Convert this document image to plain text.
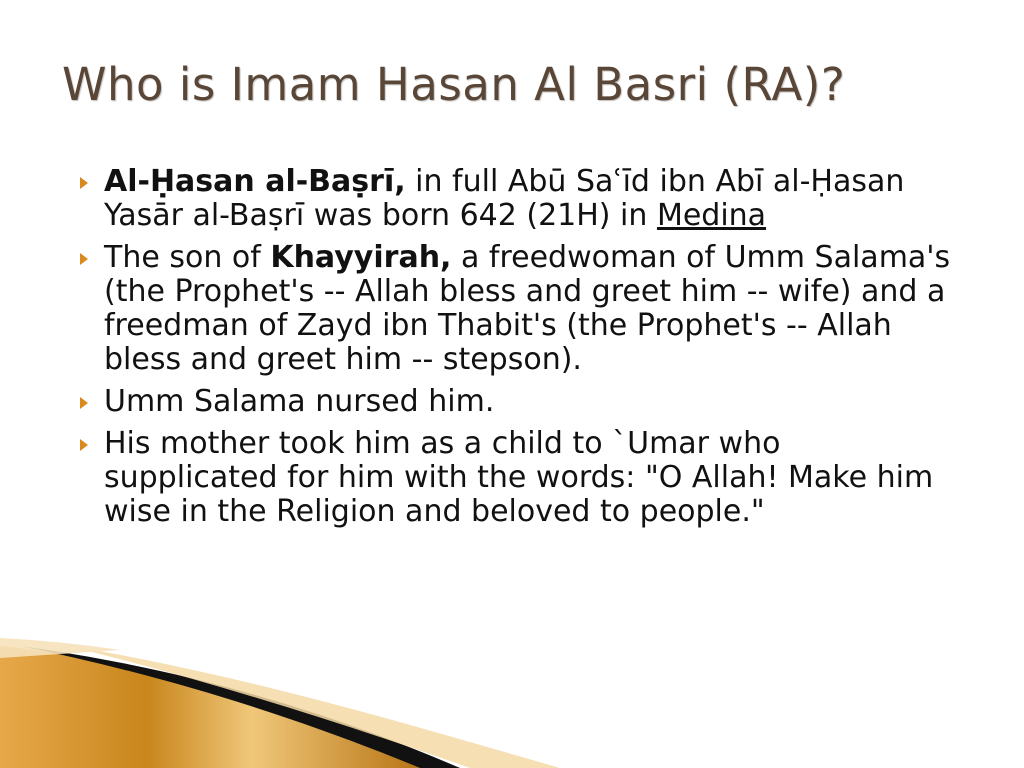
Who is Imam Hasan Al Basri (RA)?
Al-Ḥasan al-Baṣrī, in full Abū Saʿīd ibn Abī al-Ḥasan Yasār al-Baṣrī was born 642 (21H) in Medina
The son of Khayyirah, a freedwoman of Umm Salama's (the Prophet's -- Allah bless and greet him -- wife) and a freedman of Zayd ibn Thabit's (the Prophet's -- Allah bless and greet him -- stepson).
Umm Salama nursed him.
His mother took him as a child to `Umar who supplicated for him with the words: "O Allah! Make him wise in the Religion and beloved to people."
